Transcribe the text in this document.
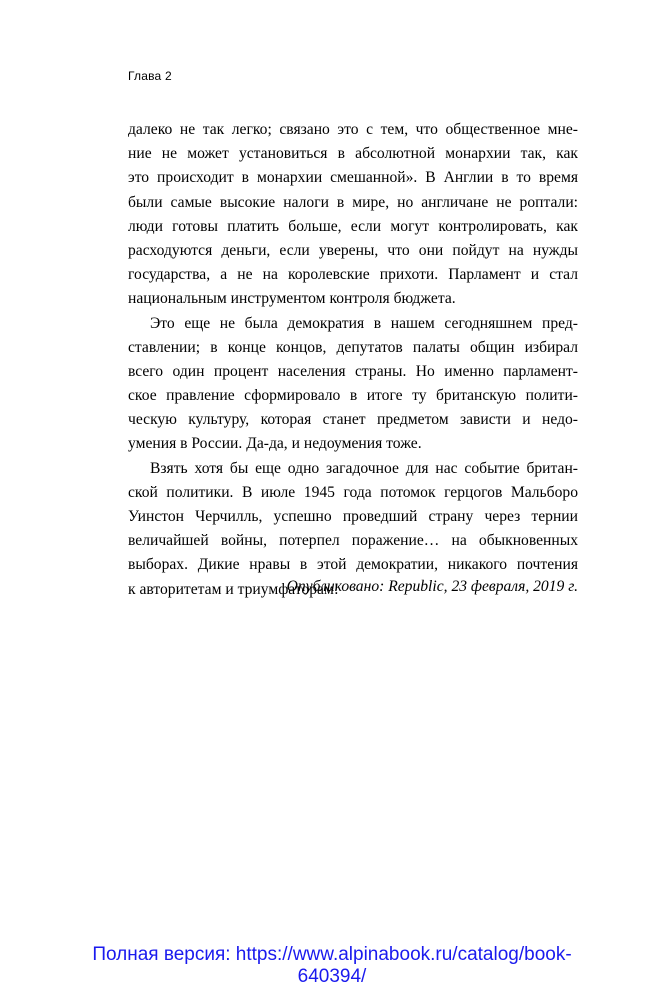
Глава 2
далеко не так легко; связано это с тем, что общественное мне-
ние не может установиться в абсолютной монархии так, как
это происходит в монархии смешанной». В Англии в то время
были самые высокие налоги в мире, но англичане не роптали:
люди готовы платить больше, если могут контролировать, как
расходуются деньги, если уверены, что они пойдут на нужды
государства, а не на королевские прихоти. Парламент и стал
национальным инструментом контроля бюджета.
Это еще не была демократия в нашем сегодняшнем пред-
ставлении; в конце концов, депутатов палаты общин избирал
всего один процент населения страны. Но именно парламент-
ское правление сформировало в итоге ту британскую полити-
ческую культуру, которая станет предметом зависти и недо-
умения в России. Да-да, и недоумения тоже.
Взять хотя бы еще одно загадочное для нас событие британ-
ской политики. В июле 1945 года потомок герцогов Мальборо
Уинстон Черчилль, успешно проведший страну через тернии
величайшей войны, потерпел поражение… на обыкновенных
выборах. Дикие нравы в этой демократии, никакого почтения
к авторитетам и триумфаторам!
Опубликовано: Republic, 23 февраля, 2019 г.
Полная версия: https://www.alpinabook.ru/catalog/book-
640394/
